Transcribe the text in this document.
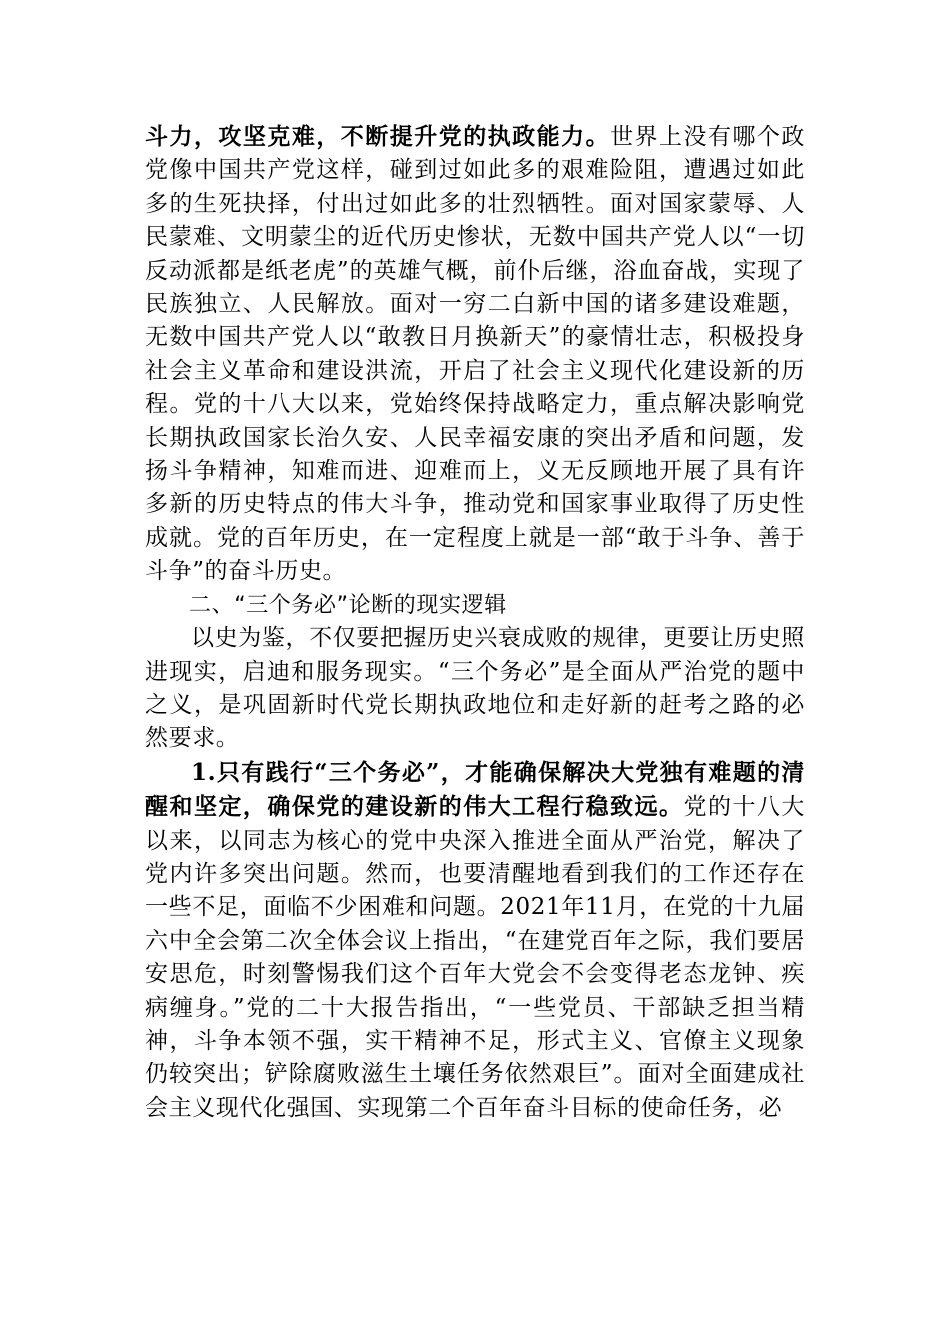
斗力，攻坚克难，不断提升党的执政能力。世界上没有哪个政党像中国共产党这样，碰到过如此多的艰难险阻，遭遇过如此多的生死抉择，付出过如此多的壮烈牺牲。面对国家蒙辱、人民蒙难、文明蒙尘的近代历史惨状，无数中国共产党人以“一切反动派都是纸老虎”的英雄气概，前仆后继，浴血奋战，实现了民族独立、人民解放。面对一穷二白新中国的诸多建设难题，无数中国共产党人以“敢教日月换新天”的豪情壮志，积极投身社会主义革命和建设洪流，开启了社会主义现代化建设新的历程。党的十八大以来，党始终保持战略定力，重点解决影响党长期执政国家长治久安、人民幸福安康的突出矛盾和问题，发扬斗争精神，知难而进、迎难而上，义无反顾地开展了具有许多新的历史特点的伟大斗争，推动党和国家事业取得了历史性成就。党的百年历史，在一定程度上就是一部“敢于斗争、善于斗争”的奋斗历史。

二、“三个务必”论断的现实逻辑

以史为鉴，不仅要把握历史兴衰成败的规律，更要让历史照进现实，启迪和服务现实。“三个务必”是全面从严治党的题中之义，是巩固新时代党长期执政地位和走好新的赶考之路的必然要求。

1.只有践行“三个务必”，才能确保解决大党独有难题的清醒和坚定，确保党的建设新的伟大工程行稳致远。党的十八大以来，以同志为核心的党中央深入推进全面从严治党，解决了党内许多突出问题。然而，也要清醒地看到我们的工作还存在一些不足，面临不少困难和问题。2021年11月，在党的十九届六中全会第二次全体会议上指出，“在建党百年之际，我们要居安思危，时刻警惕我们这个百年大党会不会变得老态龙钟、疾病缠身。”党的二十大报告指出，“一些党员、干部缺乏担当精神，斗争本领不强，实干精神不足，形式主义、官僚主义现象仍较突出；铲除腐败滋生土壤任务依然艰巨”。面对全面建成社会主义现代化强国、实现第二个百年奋斗目标的使命任务，必
